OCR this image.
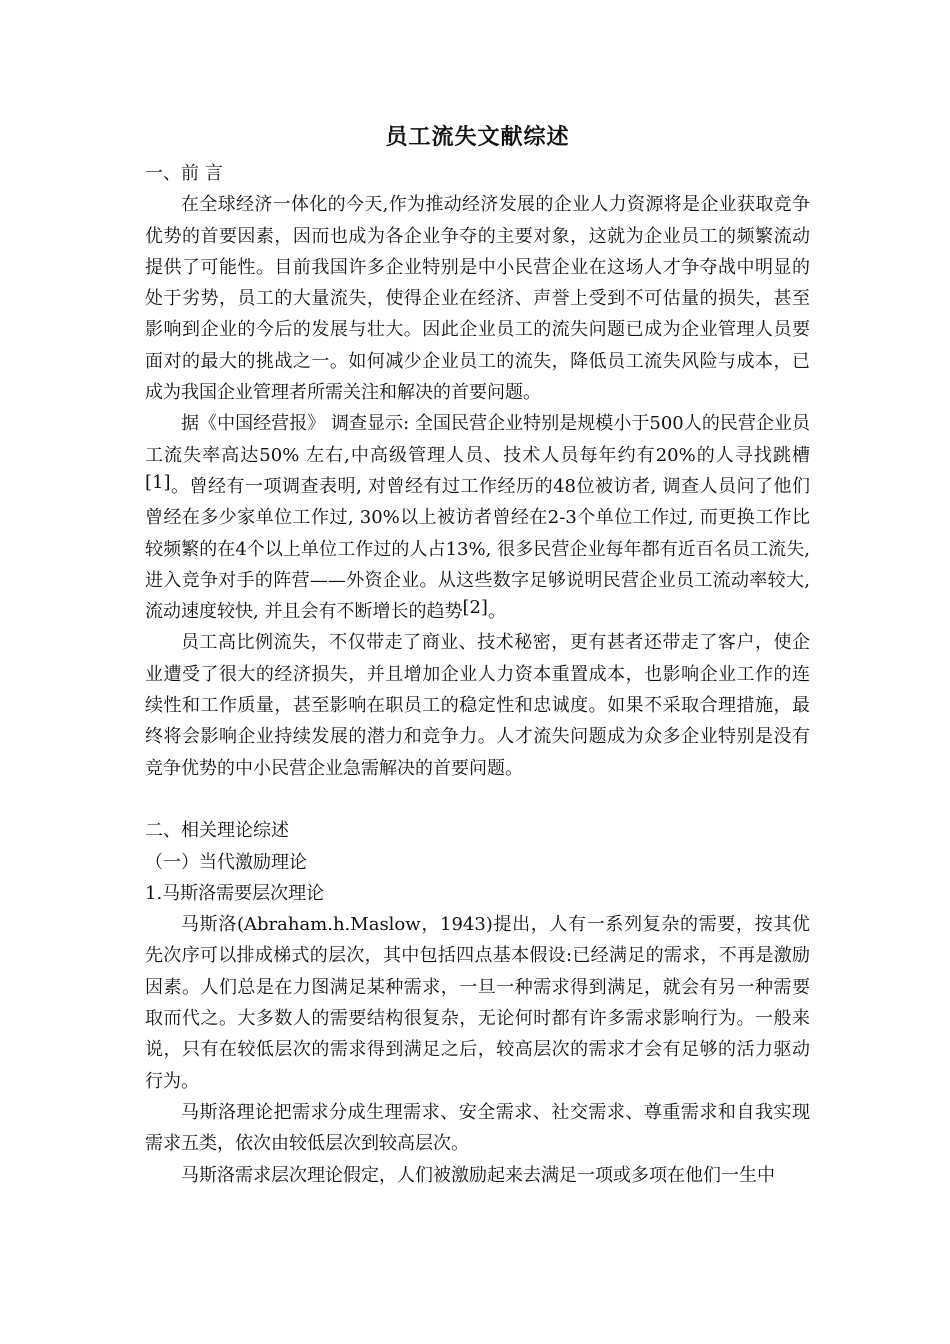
员工流失文献综述
一、前 言

在全球经济一体化的今天,作为推动经济发展的企业人力资源将是企业获取竞争优势的首要因素，因而也成为各企业争夺的主要对象，这就为企业员工的频繁流动提供了可能性。目前我国许多企业特别是中小民营企业在这场人才争夺战中明显的处于劣势，员工的大量流失，使得企业在经济、声誉上受到不可估量的损失，甚至影响到企业的今后的发展与壮大。因此企业员工的流失问题已成为企业管理人员要面对的最大的挑战之一。如何减少企业员工的流失，降低员工流失风险与成本，已成为我国企业管理者所需关注和解决的首要问题。

据《中国经营报》 调查显示: 全国民营企业特别是规模小于500人的民营企业员工流失率高达50% 左右,中高级管理人员、技术人员每年约有20%的人寻找跳槽[1]。曾经有一项调查表明, 对曾经有过工作经历的48位被访者, 调查人员问了他们曾经在多少家单位工作过, 30%以上被访者曾经在2-3个单位工作过, 而更换工作比较频繁的在4个以上单位工作过的人占13%, 很多民营企业每年都有近百名员工流失, 进入竞争对手的阵营——外资企业。从这些数字足够说明民营企业员工流动率较大,流动速度较快, 并且会有不断增长的趋势[2]。

员工高比例流失，不仅带走了商业、技术秘密，更有甚者还带走了客户，使企业遭受了很大的经济损失，并且增加企业人力资本重置成本，也影响企业工作的连续性和工作质量，甚至影响在职员工的稳定性和忠诚度。如果不采取合理措施，最终将会影响企业持续发展的潜力和竞争力。人才流失问题成为众多企业特别是没有竞争优势的中小民营企业急需解决的首要问题。

二、相关理论综述
（一）当代激励理论
1.马斯洛需要层次理论

马斯洛(Abraham.h.Maslow，1943)提出，人有一系列复杂的需要，按其优先次序可以排成梯式的层次，其中包括四点基本假设:已经满足的需求，不再是激励因素。人们总是在力图满足某种需求，一旦一种需求得到满足，就会有另一种需要取而代之。大多数人的需要结构很复杂，无论何时都有许多需求影响行为。一般来说，只有在较低层次的需求得到满足之后，较高层次的需求才会有足够的活力驱动行为。

马斯洛理论把需求分成生理需求、安全需求、社交需求、尊重需求和自我实现需求五类，依次由较低层次到较高层次。

马斯洛需求层次理论假定，人们被激励起来去满足一项或多项在他们一生中
